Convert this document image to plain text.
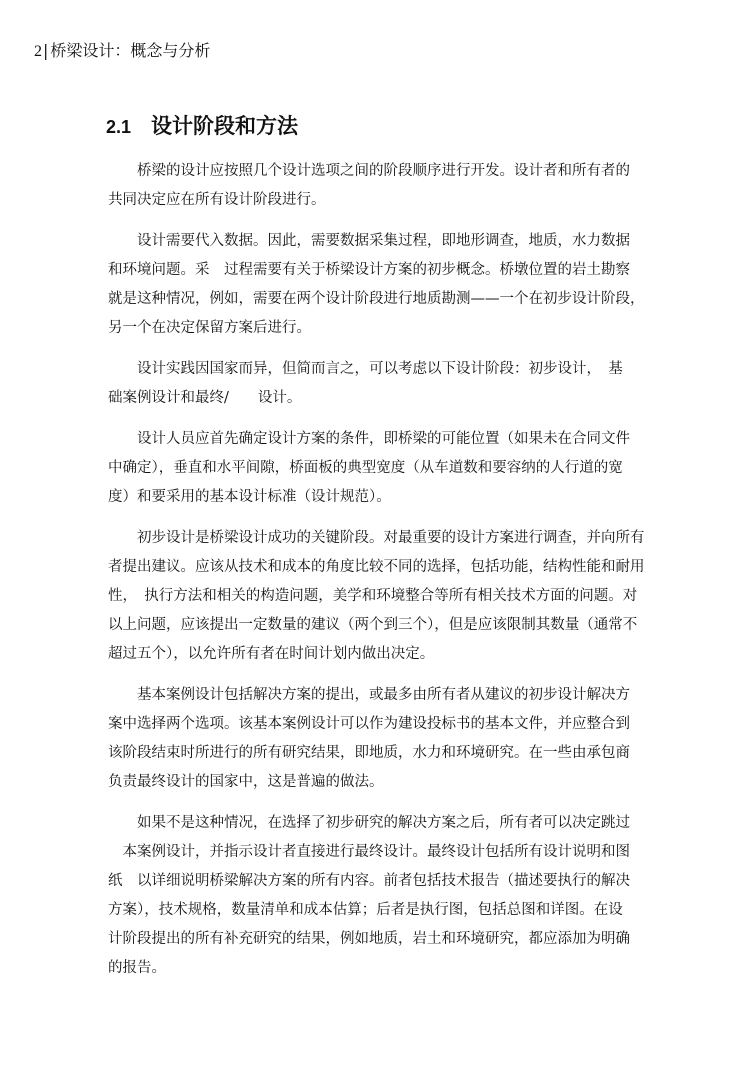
2| 桥梁设计：概念与分析
2.1 设计阶段和方法

　　桥梁的设计应按照几个设计选项之间的阶段顺序进行开发。设计者和所有者的
共同决定应在所有设计阶段进行。

　　设计需要代入数据。因此，需要数据采集过程，即地形调查，地质，水力数据
和环境问题。采　过程需要有关于桥梁设计方案的初步概念。桥墩位置的岩土勘察
就是这种情况，例如，需要在两个设计阶段进行地质勘测——一个在初步设计阶段，
另一个在决定保留方案后进行。

　　设计实践因国家而异，但简而言之，可以考虑以下设计阶段：初步设计，　基
础案例设计和最终/　　设计。

　　设计人员应首先确定设计方案的条件，即桥梁的可能位置（如果未在合同文件
中确定），垂直和水平间隙，桥面板的典型宽度（从车道数和要容纳的人行道的宽
度）和要采用的基本设计标准（设计规范）。

　　初步设计是桥梁设计成功的关键阶段。对最重要的设计方案进行调查，并向所有
者提出建议。应该从技术和成本的角度比较不同的选择，包括功能，结构性能和耐用
性，　执行方法和相关的构造问题，美学和环境整合等所有相关技术方面的问题。对
以上问题，应该提出一定数量的建议（两个到三个），但是应该限制其数量（通常不
超过五个），以允许所有者在时间计划内做出决定。

　　基本案例设计包括解决方案的提出，或最多由所有者从建议的初步设计解决方
案中选择两个选项。该基本案例设计可以作为建设投标书的基本文件，并应整合到
该阶段结束时所进行的所有研究结果，即地质，水力和环境研究。在一些由承包商
负责最终设计的国家中，这是普遍的做法。

　　如果不是这种情况，在选择了初步研究的解决方案之后，所有者可以决定跳过
　本案例设计，并指示设计者直接进行最终设计。最终设计包括所有设计说明和图
纸　以详细说明桥梁解决方案的所有内容。前者包括技术报告（描述要执行的解决
方案），技术规格，数量清单和成本估算；后者是执行图，包括总图和详图。在设
计阶段提出的所有补充研究的结果，例如地质，岩土和环境研究，都应添加为明确
的报告。
